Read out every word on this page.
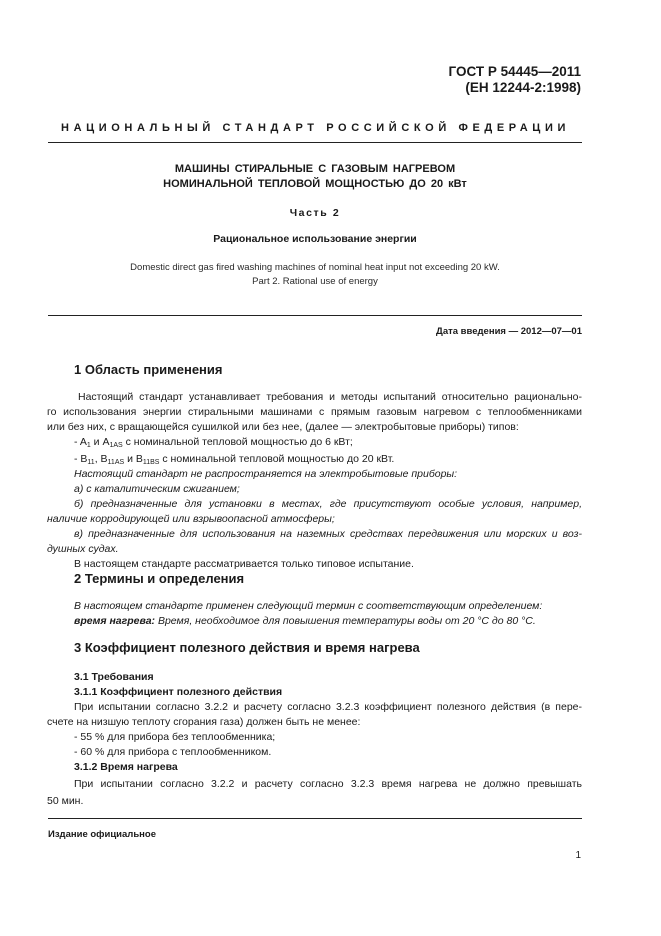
ГОСТ Р 54445—2011
(ЕН 12244-2:1998)
НАЦИОНАЛЬНЫЙ СТАНДАРТ РОССИЙСКОЙ ФЕДЕРАЦИИ
МАШИНЫ СТИРАЛЬНЫЕ С ГАЗОВЫМ НАГРЕВОМ
НОМИНАЛЬНОЙ ТЕПЛОВОЙ МОЩНОСТЬЮ ДО 20 кВт
Часть 2
Рациональное использование энергии
Domestic direct gas fired washing machines of nominal heat input not exceeding 20 kW.
Part 2. Rational use of energy
Дата введения — 2012—07—01
1 Область применения
Настоящий стандарт устанавливает требования и методы испытаний относительно рационально-
го использования энергии стиральными машинами с прямым газовым нагревом с теплообменниками
или без них, с вращающейся сушилкой или без нее, (далее — электробытовые приборы) типов:
- $A_1$ и $A_{1AS}$ с номинальной тепловой мощностью до 6 кВт;
- $B_{11}$, $B_{11AS}$ и $B_{11BS}$ с номинальной тепловой мощностью до 20 кВт.
Настоящий стандарт не распространяется на электробытовые приборы:
а) с каталитическим сжиганием;
б) предназначенные для установки в местах, где присутствуют особые условия, например,
наличие корродирующей или взрывоопасной атмосферы;
в) предназначенные для использования на наземных средствах передвижения или морских и воз-
душных судах.
В настоящем стандарте рассматривается только типовое испытание.
2 Термины и определения
В настоящем стандарте применен следующий термин с соответствующим определением:
время нагрева: Время, необходимое для повышения температуры воды от 20 °С до 80 °С.
3 Коэффициент полезного действия и время нагрева
3.1 Требования
3.1.1 Коэффициент полезного действия
При испытании согласно 3.2.2 и расчету согласно 3.2.3 коэффициент полезного действия (в пере-
счете на низшую теплоту сгорания газа) должен быть не менее:
- 55 % для прибора без теплообменника;
- 60 % для прибора с теплообменником.
3.1.2 Время нагрева
При испытании согласно 3.2.2 и расчету согласно 3.2.3 время нагрева не должно превышать
50 мин.
Издание официальное
1
